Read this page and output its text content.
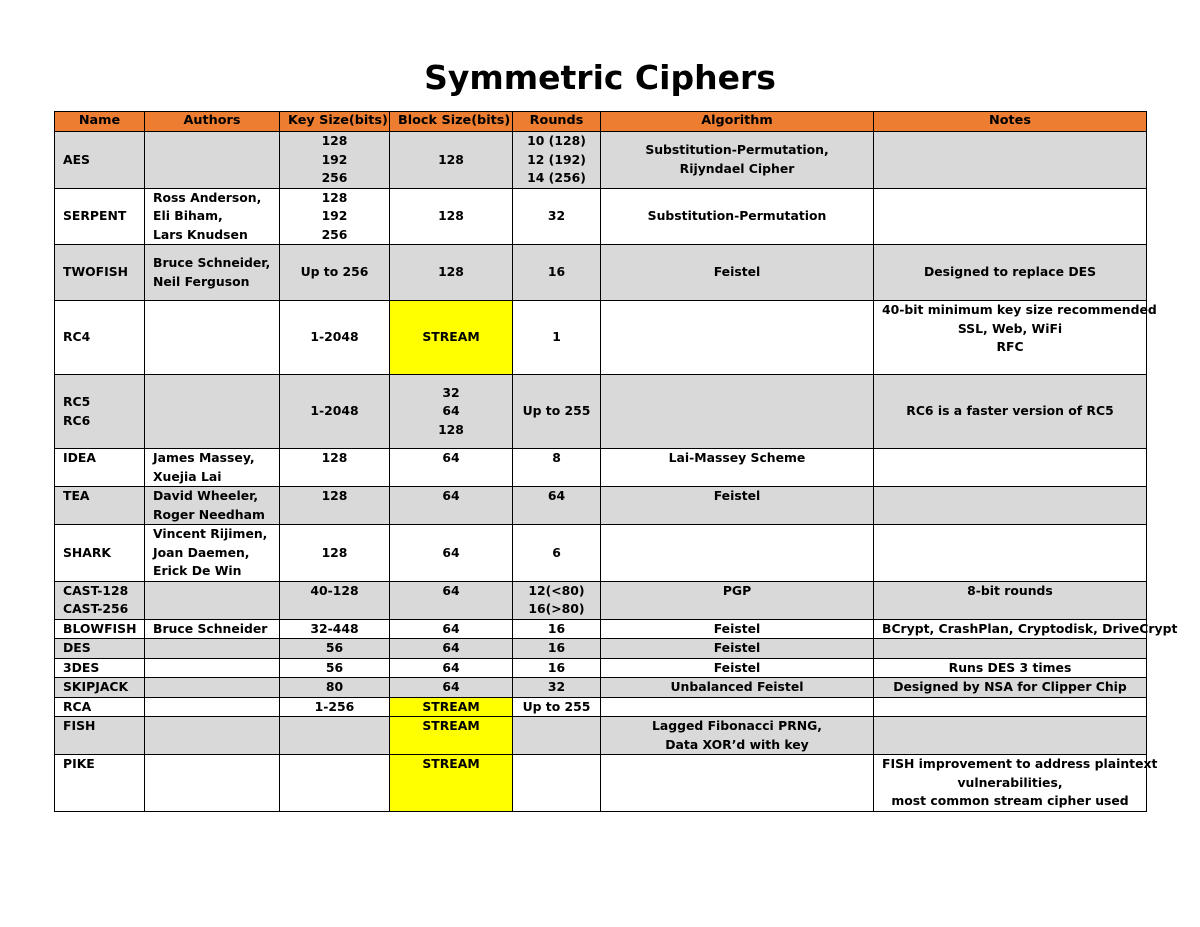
Symmetric Ciphers
Name	Authors	Key Size(bits)	Block Size(bits)	Rounds	Algorithm	Notes

AES		128
192
256	128	10 (128)
12 (192)
14 (256)	Substitution-Permutation,
Rijyndael Cipher	

SERPENT	Ross Anderson,
Eli Biham,
Lars Knudsen	128
192
256	128	32	Substitution-Permutation	

TWOFISH	Bruce Schneider,
Neil Ferguson	Up to 256	128	16	Feistel	Designed to replace DES

RC4		1-2048	STREAM	1		40-bit minimum key size recommended
SSL, Web, WiFi
RFC

RC5
RC6		1-2048	32
64
128	Up to 255		RC6 is a faster version of RC5

IDEA	James Massey,
Xuejia Lai	128	64	8	Lai-Massey Scheme	

TEA	David Wheeler,
Roger Needham	128	64	64	Feistel	

SHARK	Vincent Rijimen,
Joan Daemen,
Erick De Win	128	64	6		

CAST-128
CAST-256		40-128	64	12(<80)
16(>80)	PGP	8-bit rounds

BLOWFISH	Bruce Schneider	32-448	64	16	Feistel	BCrypt, CrashPlan, Cryptodisk, DriveCrypt

DES		56	64	16	Feistel	

3DES		56	64	16	Feistel	Runs DES 3 times

SKIPJACK		80	64	32	Unbalanced Feistel	Designed by NSA for Clipper Chip

RCA		1-256	STREAM	Up to 255		

FISH			STREAM		Lagged Fibonacci PRNG,
Data XOR’d with key	

PIKE			STREAM			FISH improvement to address plaintext
vulnerabilities,
most common stream cipher used
